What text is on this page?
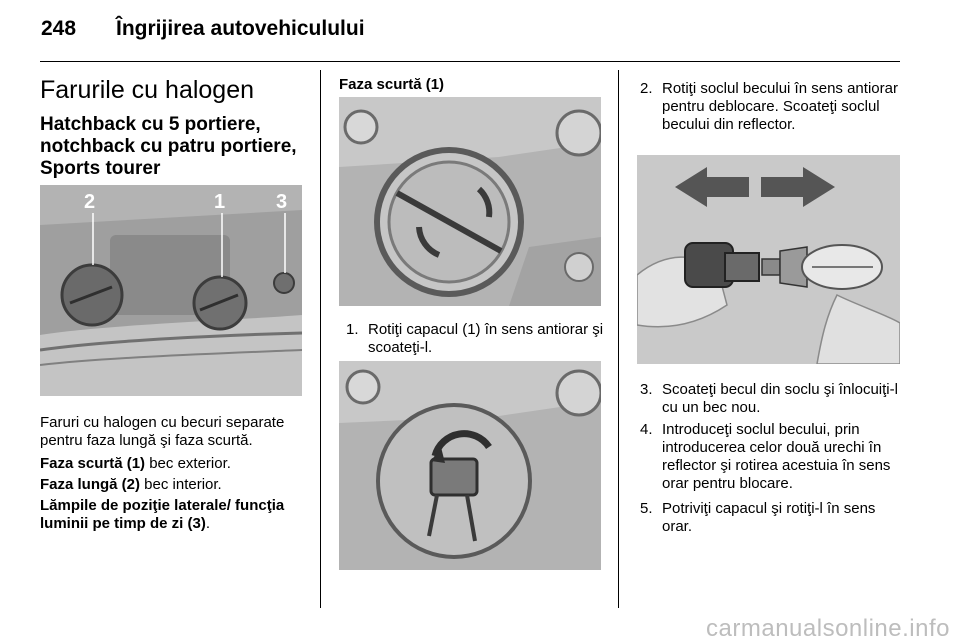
248 Îngrijirea autovehiculului
Farurile cu halogen
Hatchback cu 5 portiere, notchback cu patru portiere, Sports tourer
2	1	3

Faruri cu halogen cu becuri separate pentru faza lungă şi faza scurtă.

Faza scurtă (1) bec exterior.

Faza lungă (2) bec interior.

Lămpile de poziţie laterale/ funcţia luminii pe timp de zi (3).

Faza scurtă (1)
1. Rotiţi capacul (1) în sens antiorar şi scoateţi-l.
2. Rotiţi soclul becului în sens antiorar pentru deblocare. Scoateţi soclul becului din reflector.
3. Scoateţi becul din soclu şi înlocuiţi-l cu un bec nou.
4. Introduceţi soclul becului, prin introducerea celor două urechi în reflector şi rotirea acestuia în sens orar pentru blocare.
5. Potriviţi capacul şi rotiţi-l în sens orar.
carmanualsonline.info
